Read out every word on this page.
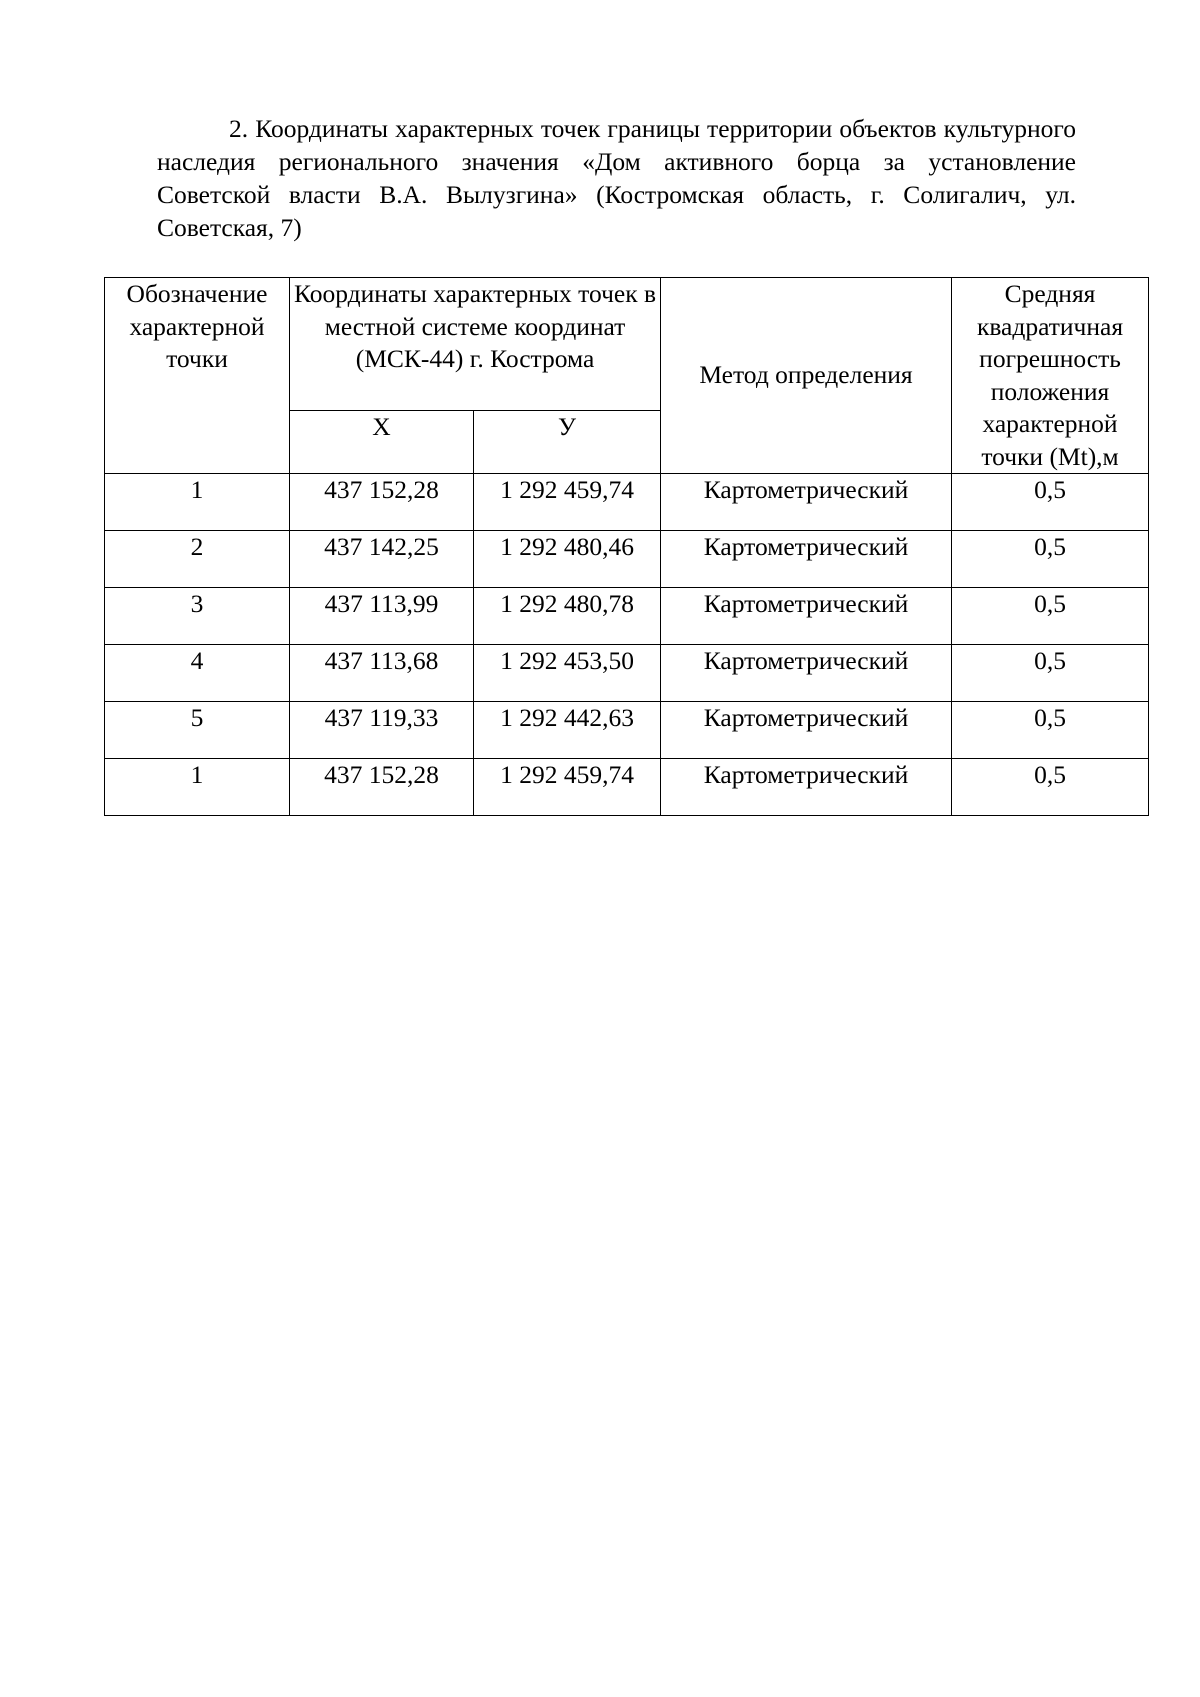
2. Координаты характерных точек границы территории объектов культурного наследия регионального значения «Дом активного борца за установление Советской власти В.А. Вылузгина» (Костромская область, г. Солигалич, ул. Советская, 7)

Обозначение характерной точки	Координаты характерных точек в местной системе координат (МСК-44) г. Кострома		Метод определения	Средняя квадратичная погрешность положения характерной точки (Mt),м
	X	У		
1	437 152,28	1 292 459,74	Картометрический	0,5
2	437 142,25	1 292 480,46	Картометрический	0,5
3	437 113,99	1 292 480,78	Картометрический	0,5
4	437 113,68	1 292 453,50	Картометрический	0,5
5	437 119,33	1 292 442,63	Картометрический	0,5
1	437 152,28	1 292 459,74	Картометрический	0,5
